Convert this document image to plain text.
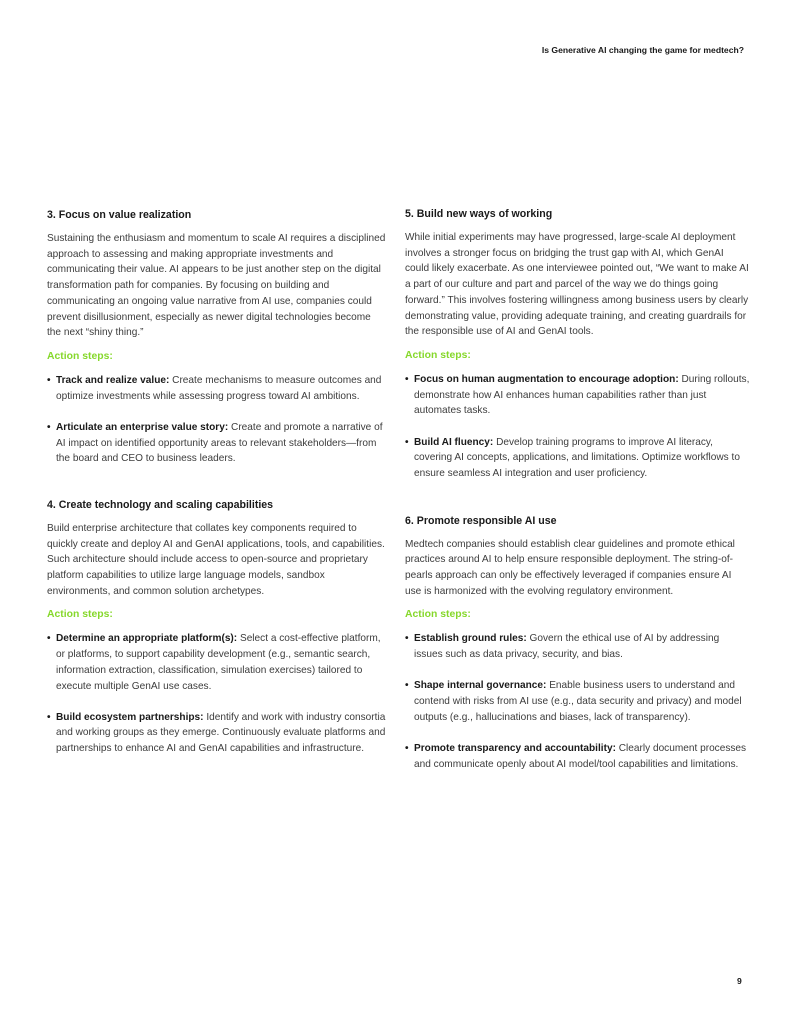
Is Generative AI changing the game for medtech?
3. Focus on value realization

Sustaining the enthusiasm and momentum to scale AI requires a disciplined approach to assessing and making appropriate investments and communicating their value. AI appears to be just another step on the digital transformation path for companies. By focusing on building and communicating an ongoing value narrative from AI use, companies could prevent disillusionment, especially as newer digital technologies become the next “shiny thing.”

Action steps:
• Track and realize value: Create mechanisms to measure outcomes and optimize investments while assessing progress toward AI ambitions.
• Articulate an enterprise value story: Create and promote a narrative of AI impact on identified opportunity areas to relevant stakeholders—from the board and CEO to business leaders.
4. Create technology and scaling capabilities

Build enterprise architecture that collates key components required to quickly create and deploy AI and GenAI applications, tools, and capabilities. Such architecture should include access to open-source and proprietary platform capabilities to utilize large language models, sandbox environments, and common solution archetypes.

Action steps:
• Determine an appropriate platform(s): Select a cost-effective platform, or platforms, to support capability development (e.g., semantic search, information extraction, classification, simulation exercises) tailored to execute multiple GenAI use cases.
• Build ecosystem partnerships: Identify and work with industry consortia and working groups as they emerge. Continuously evaluate platforms and partnerships to enhance AI and GenAI capabilities and infrastructure.
5. Build new ways of working

While initial experiments may have progressed, large-scale AI deployment involves a stronger focus on bridging the trust gap with AI, which GenAI could likely exacerbate. As one interviewee pointed out, “We want to make AI a part of our culture and part and parcel of the way we do things going forward.” This involves fostering willingness among business users by clearly demonstrating value, providing adequate training, and creating guardrails for the responsible use of AI and GenAI tools.

Action steps:
• Focus on human augmentation to encourage adoption: During rollouts, demonstrate how AI enhances human capabilities rather than just automates tasks.
• Build AI fluency: Develop training programs to improve AI literacy, covering AI concepts, applications, and limitations. Optimize workflows to ensure seamless AI integration and user proficiency.
6. Promote responsible AI use

Medtech companies should establish clear guidelines and promote ethical practices around AI to help ensure responsible deployment. The string-of-pearls approach can only be effectively leveraged if companies ensure AI use is harmonized with the evolving regulatory environment.

Action steps:
• Establish ground rules: Govern the ethical use of AI by addressing issues such as data privacy, security, and bias.
• Shape internal governance: Enable business users to understand and contend with risks from AI use (e.g., data security and privacy) and model outputs (e.g., hallucinations and biases, lack of transparency).
• Promote transparency and accountability: Clearly document processes and communicate openly about AI model/tool capabilities and limitations.
9
